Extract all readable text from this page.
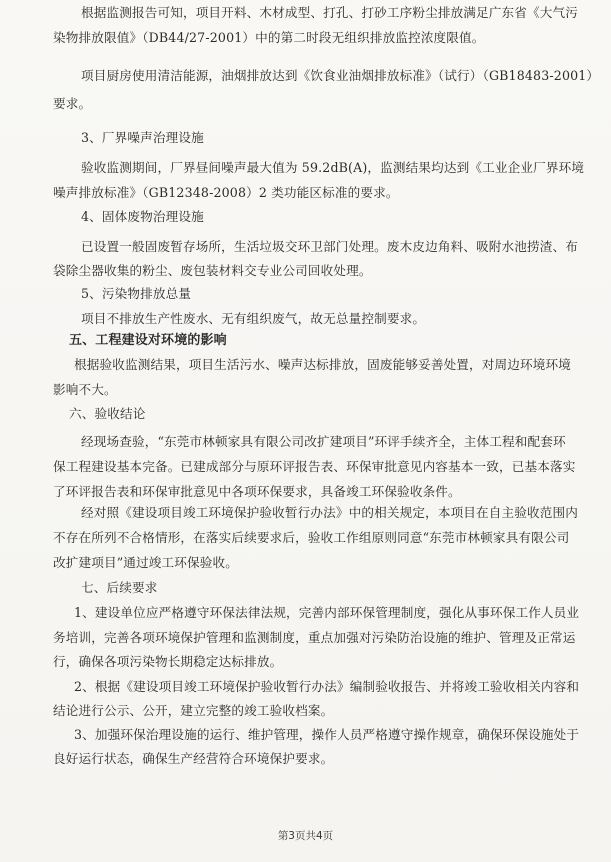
根据监测报告可知，项目开料、木材成型、打孔、打砂工序粉尘排放满足广东省《大气污
染物排放限值》（DB44/27-2001）中的第二时段无组织排放监控浓度限值。
项目厨房使用清洁能源，油烟排放达到《饮食业油烟排放标准》（试行）（GB18483-2001）
要求。
3、厂界噪声治理设施
验收监测期间，厂界昼间噪声最大值为 59.2dB(A)，监测结果均达到《工业企业厂界环境
噪声排放标准》（GB12348-2008）2 类功能区标准的要求。
4、固体废物治理设施
已设置一般固废暂存场所，生活垃圾交环卫部门处理。废木皮边角料、吸附水池捞渣、布
袋除尘器收集的粉尘、废包装材料交专业公司回收处理。
5、污染物排放总量
项目不排放生产性废水、无有组织废气，故无总量控制要求。
五、工程建设对环境的影响
根据验收监测结果，项目生活污水、噪声达标排放，固废能够妥善处置，对周边环境环境
影响不大。
六、验收结论
经现场查验，“东莞市林顿家具有限公司改扩建项目”环评手续齐全，主体工程和配套环
保工程建设基本完备。已建成部分与原环评报告表、环保审批意见内容基本一致，已基本落实
了环评报告表和环保审批意见中各项环保要求，具备竣工环保验收条件。
经对照《建设项目竣工环境保护验收暂行办法》中的相关规定，本项目在自主验收范围内
不存在所列不合格情形，在落实后续要求后，验收工作组原则同意“东莞市林顿家具有限公司
改扩建项目”通过竣工环保验收。
七、后续要求
1、建设单位应严格遵守环保法律法规，完善内部环保管理制度，强化从事环保工作人员业
务培训，完善各项环境保护管理和监测制度，重点加强对污染防治设施的维护、管理及正常运
行，确保各项污染物长期稳定达标排放。
2、根据《建设项目竣工环境保护验收暂行办法》编制验收报告、并将竣工验收相关内容和
结论进行公示、公开，建立完整的竣工验收档案。
3、加强环保治理设施的运行、维护管理，操作人员严格遵守操作规章，确保环保设施处于
良好运行状态，确保生产经营符合环境保护要求。
第3页共4页
